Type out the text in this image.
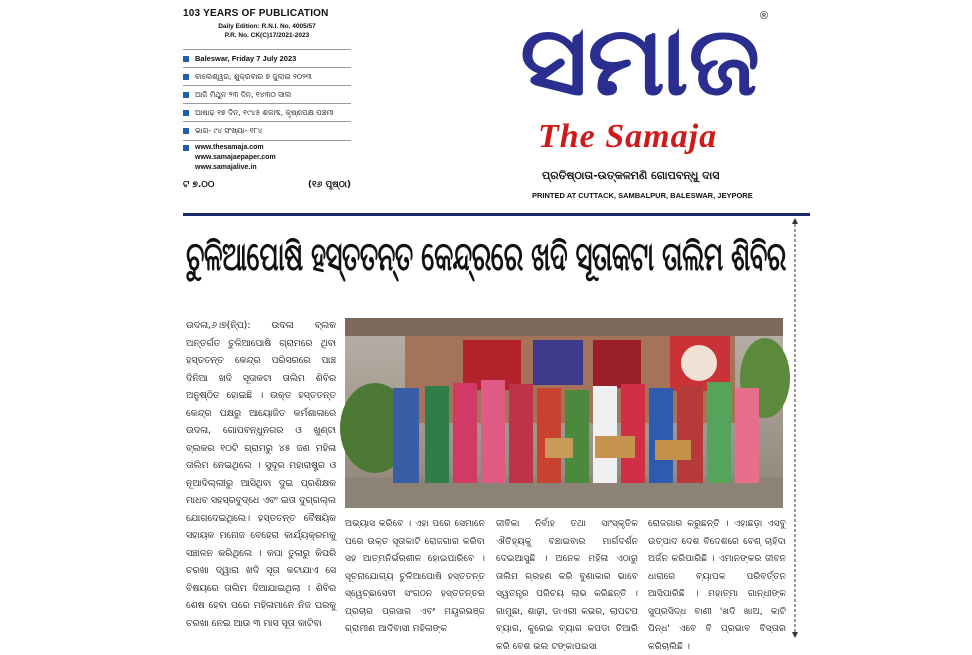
103 YEARS OF PUBLICATION
Daily Edition: R.N.I. No. 4005/57
P.R. No. CK(C)17/2021-2023
Baleswar, Friday 7 July 2023
ବାଲେଶ୍ୱର, ଶୁକ୍ରବାର ୭ ଜୁଲାଇ ୨୦୨୩
ଆଜି ମିଥୁନ ୨୩ ଦିନ, ୧୪୩୦ ସାଲ
ଆଷାଢ଼ ୧୭ ଦିନ, ୧୯୪୫ ଶକାବ୍ଦ, କୃଷ୍ଣପକ୍ଷ ପଞ୍ଚମୀ
ଭାଗ- ୯୪ ସଂଖ୍ୟା- ୧୮୪
www.thesamaja.com
www.samajaepaper.com
www.samajalive.in
ଟ ୭.୦୦	(୧୬ ପୃଷ୍ଠା)
ସମାଜ ®
The Samaja
ପ୍ରତିଷ୍ଠାତା-ଉତ୍କଳମଣି ଗୋପବନ୍ଧୁ ଦାସ
PRINTED AT CUTTACK, SAMBALPUR, BALESWAR, JEYPORE
ଚୁଳିଆପୋଷି ହସ୍ତତନ୍ତ କେନ୍ଦ୍ରରେ ଖଦି ସୂତାକଟା ତାଲିମ ଶିବିର
ଉଦଳା,୬।୭(ନି୍ପ): ଉଦଳା ବ୍ଲକ ଅନ୍ତର୍ଗତ ଚୁଳିଆପୋଷି ଗ୍ରାମରେ ଥିବା ହସ୍ତତନ୍ତ କେନ୍ଦ୍ର ପରିସରରେ ପାଞ୍ଚ ଦିନିଆ ଖଦି ସୂତାକଟା ତାଲିମ ଶିବିର ଅନୁଷ୍ଠିତ ହୋଇଛି । ଉକ୍ତ ହସ୍ତତନ୍ତ କେନ୍ଦ୍ର ପକ୍ଷରୁ ଆୟୋଜିତ କର୍ମଶାଳାରେ ଉଦଳା, ଗୋପବନ୍ଧୁନଗର ଓ ଖୁଣ୍ଟା ବ୍ଲକର ୧୦ଟି ଗ୍ରାମରୁ ୪୫ ଜଣ ମହିଳା ତାଲିମ ନେଇଥିଲେ । ସୁଦୂର ମହାରାଷ୍ଟ୍ର ଓ ନୂଆଦିଲ୍ଲୀରୁ ଆସିଥିବା ଦୁଇ ପ୍ରଶିକ୍ଷକ ମାଧବ ସହସ୍ରବୁଦ୍ଧେ ଏବଂ ଇତା ଦୁଗ୍ଗଲ୍ଲ ଯୋଗଦେଇଥିଲେ। ହସ୍ତତନ୍ତ ବୈଷୟିକ ସହାୟକ ମନୋଜ ବେହେରା କାର୍ଯ୍ୟକ୍ରମକୁ ସଞ୍ଚାଳନ କରିଥିଲେ । କପା ତୁଳାରୁ କିପରି ଚରଖା ଦ୍ୱାରା ଖଦି ସୂତା କଟାଯାଏ ସେ ବିଷୟରେ ତାଲିମ ଦିଆଯାଇଥିଲା । ଶିବିର ଶେଷ ହେବା ପରେ ମହିଳାମାନେ ନିଜ ଘରକୁ ଚରଖା ନେଇ ଆଉ ୩ ମାସ ସୂତା କାଟିବା
ଅଭ୍ୟାସ କରିବେ । ଏହା ପରେ ସେମାନେ ପରେ ଉକ୍ତ ସୂତାକାଟି ରୋଜଗାର କରିବା ସହ ଆତ୍ମନିର୍ଭରଶୀଳ ହୋଇପାରିବେ । ସୂଚନାଯୋଗ୍ୟ ଚୁଳିଆପୋଷି ହସ୍ତତନ୍ତ ସ୍ୱେଚ୍ଛାସେବୀ ସଂଗଠନ ହସ୍ତତନ୍ତର ପ୍ରଚାର ପ୍ରସାର ଏବଂ ମୟୂରଭଞ୍ଜ ଗ୍ରାମୀଣ ଆଦିବାସୀ ମହିଳାଙ୍କ
ଜୀବିକା ନିର୍ବାହ ତଥା ସାଂସ୍କୃତିକ ଐତିହ୍ୟକୁ ବଞ୍ଚାଇବାର ମାର୍ଗଦର୍ଶନ ଦେଇଆସୁଛି । ଅନେକ ମହିଳା ଏଠାରୁ ତାଲିମ ଗ୍ରହଣ କରି ବୁଣାକାର ଭାବେ ସ୍ୱତନ୍ତ୍ର ପରିଚୟ ଲାଭ କରିଛନ୍ତି । ଗାମୁଛା, ଶାଢ଼ୀ, ଡାଏରୀ କଭର, ଲାପଟପ ବ୍ୟାଗ, କୁରେଇ ବ୍ୟାଗ କପଡା ତିଆରି କରି ବେଶ ଭଲ ଟଙ୍କାପଇସା
ରୋଜଗାର କରୁଛନ୍ତି । ଏହାଛଡ଼ା ଏସବୁ ଉତ୍ପାଦ ଦେଶ ବିଦେଶରେ ବେଶ୍ ଚାହିଦା ଅର୍ଜନ କରିପାରିଛି । ଏମାନଙ୍କର ଜୀବନ ଧାରାରେ ବ୍ୟାପକ ପରିବର୍ତ୍ତନ ଆସିପାରିଛି । ମହାତ୍ମା ଗାନ୍ଧୀଙ୍କ ସୁପ୍ରସିଦ୍ଧ ବାଣୀ 'ଖଦି ଖାଅ, କାଟି ପିନ୍ଧ' ଏବେ ବି ପ୍ରଭାବ ବିସ୍ତାର କରିଚାଲିଛି ।
